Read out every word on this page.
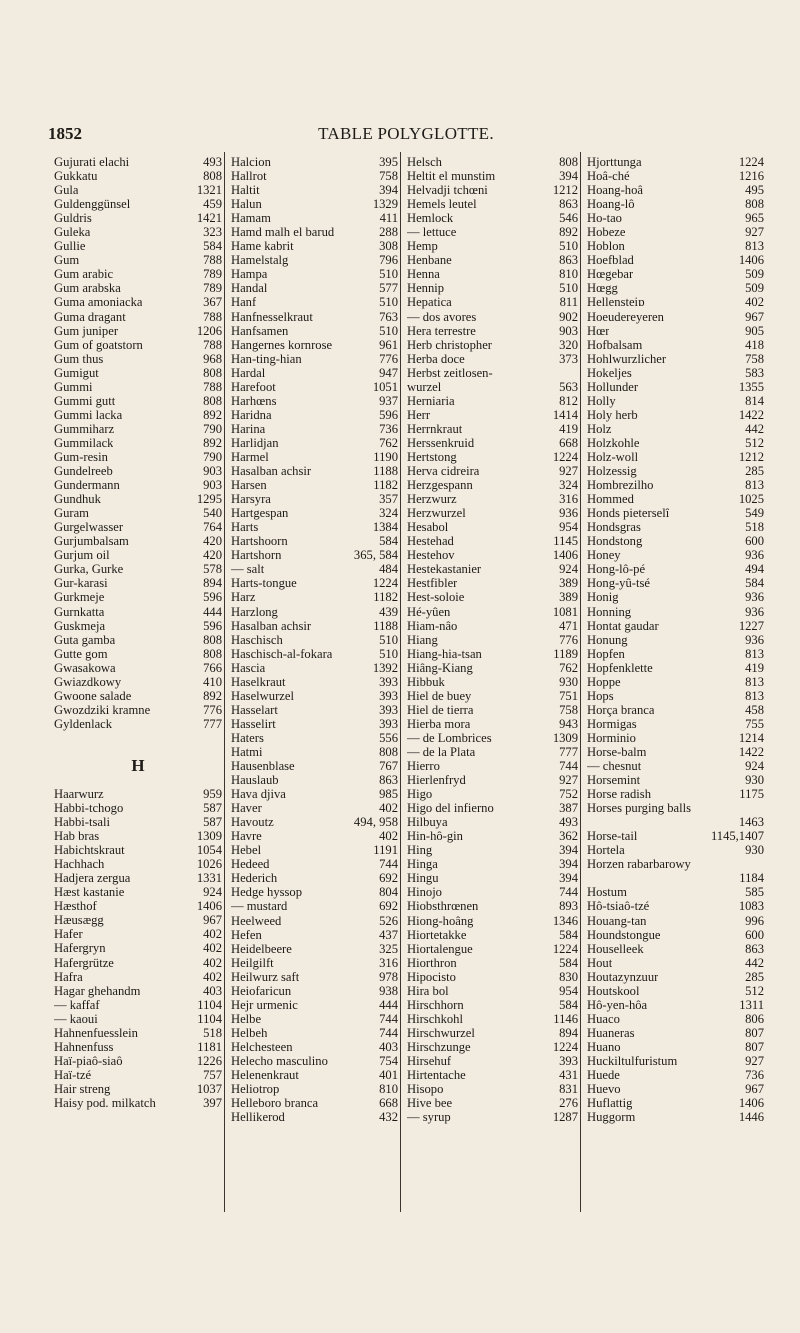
1852	TABLE POLYGLOTTE.
Gujurati elachi	493
Gukkatu	808
Gula	1321
Guldenggünsel	459
Guldris	1421
Guleka	323
Gullie	584
Gum	788
Gum arabic	789
Gum arabska	789
Guma amoniacka	367
Guma dragant	788
Gum juniper	1206
Gum of goatstorn	788
Gum thus	968
Gumigut	808
Gummi	788
Gummi gutt	808
Gummi lacka	892
Gummiharz	790
Gummilack	892
Gum-resin	790
Gundelreeb	903
Gundermann	903
Gundhuk	1295
Guram	540
Gurgelwasser	764
Gurjumbalsam	420
Gurjum oil	420
Gurka, Gurke	578
Gur-karasi	894
Gurkmeje	596
Gurnkatta	444
Guskmeja	596
Guta gamba	808
Gutte gom	808
Gwasakowa	766
Gwiazdkowy	410
Gwoone salade	892
Gwozdziki kramne	776
Gyldenlack	777
H
Haarwurz	959
Habbi-tchogo	587
Habbi-tsali	587
Hab bras	1309
Habichtskraut	1054
Hachhach	1026
Hadjera zergua	1331
Hæst kastanie	924
Hæsthof	1406
Hæusægg	967
Hafer	402
Hafergryn	402
Hafergrütze	402
Hafra	402
Hagar ghehandm	403
— kaffaf	1104
— kaoui	1104
Hahnenfuesslein	518
Hahnenfuss	1181
Haï-piaô-siaô	1226
Haï-tzé	757
Hair streng	1037
Haisy pod. milkatch	397
Halcion	395
Hallrot	758
Haltit	394
Halun	1329
Hamam	411
Hamd malh el barud	288
Hame kabrit	308
Hamelstalg	796
Hampa	510
Handal	577
Hanf	510
Hanfnesselkraut	763
Hanfsamen	510
Hangernes kornrose	961
Han-ting-hian	776
Hardal	947
Harefoot	1051
Harhœns	937
Haridna	596
Harina	736
Harlidjan	762
Harmel	1190
Hasalban achsir	1188
Harsen	1182
Harsyra	357
Hartgespan	324
Harts	1384
Hartshoorn	584
Hartshorn	365, 584
— salt	484
Harts-tongue	1224
Harz	1182
Harzlong	439
Hasalban achsir	1188
Haschisch	510
Haschisch-al-fokara	510
Hascia	1392
Haselkraut	393
Haselwurzel	393
Hasselart	393
Hasselirt	393
Haters	556
Hatmi	808
Hausenblase	767
Hauslaub	863
Hava djiva	985
Haver	402
Havoutz	494, 958
Havre	402
Hebel	1191
Hedeed	744
Hederich	692
Hedge hyssop	804
— mustard	692
Heelweed	526
Hefen	437
Heidelbeere	325
Heilgilft	316
Heilwurz saft	978
Heiofaricun	938
Hejr urmenic	444
Helbe	744
Helbeh	744
Helchesteen	403
Helecho masculino	754
Helenenkraut	401
Heliotrop	810
Helleboro branca	668
Hellikerod	432
Helsch	808
Heltit el munstim	394
Helvadji tchœni	1212
Hemels leutel	863
Hemlock	546
— lettuce	892
Hemp	510
Henbane	863
Henna	810
Hennip	510
Hepatica	811
— dos avores	902
Hera terrestre	903
Herb christopher	320
Herba doce	373
Herbst zeitlosen-
wurzel	563
Herniaria	812
Herr	1414
Herrnkraut	419
Herssenkruid	668
Hertstong	1224
Herva cidreira	927
Herzgespann	324
Herzwurz	316
Herzwurzel	936
Hesabol	954
Hestehad	1145
Hestehov	1406
Hestekastanier	924
Hestfibler	389
Hest-soloie	389
Hé-yûen	1081
Hiam-nâo	471
Hiang	776
Hiang-hia-tsan	1189
Hiâng-Kiang	762
Hibbuk	930
Hiel de buey	751
Hiel de tierra	758
Hierba mora	943
— de Lombrices	1309
— de la Plata	777
Hierro	744
Hierlenfryd	927
Higo	752
Higo del infierno	387
Hilbuya	493
Hin-hô-gin	362
Hing	394
Hinga	394
Hingu	394
Hinojo	744
Hiobsthrœnen	893
Hiong-hoâng	1346
Hiortetakke	584
Hiortalengue	1224
Hiorthron	584
Hipocisto	830
Hira bol	954
Hirschhorn	584
Hirschkohl	1146
Hirschwurzel	894
Hirschzunge	1224
Hirsehuf	393
Hirtentache	431
Hisopo	831
Hive bee	276
— syrup	1287
Hjorttunga	1224
Hoâ-ché	1216
Hoang-hoâ	495
Hoang-lô	808
Ho-tao	965
Hobeze	927
Hoblon	813
Hoefblad	1406
Hœgebar	509
Hœgg	509
Hellensteiɒ	402
Hoeudereyeren	967
Hœr	905
Hofbalsam	418
Hohlwurzlicher	758
Hokeljes	583
Hollunder	1355
Holly	814
Holy herb	1422
Holz	442
Holzkohle	512
Holz-woll	1212
Holzessig	285
Hombrezilho	813
Hommed	1025
Honds pieterselî	549
Hondsgras	518
Hondstong	600
Honey	936
Hong-lô-pé	494
Hong-yû-tsé	584
Honig	936
Honning	936
Hontat gaudar	1227
Honung	936
Hopfen	813
Hopfenklette	419
Hoppe	813
Hops	813
Horça branca	458
Hormigas	755
Horminio	1214
Horse-balm	1422
— chesnut	924
Horsemint	930
Horse radish	1175
Horses purging balls
1463
Horse-tail	1145,1407
Hortela	930
Horzen rabarbarowy
1184
Hostum	585
Hô-tsiaô-tzé	1083
Houang-tan	996
Houndstongue	600
Houselleek	863
Hout	442
Houtazynzuur	285
Houtskool	512
Hô-yen-hôa	1311
Huaco	806
Huaneras	807
Huano	807
Huckiltulfuristum	927
Huede	736
Huevo	967
Huflattig	1406
Huggorm	1446
